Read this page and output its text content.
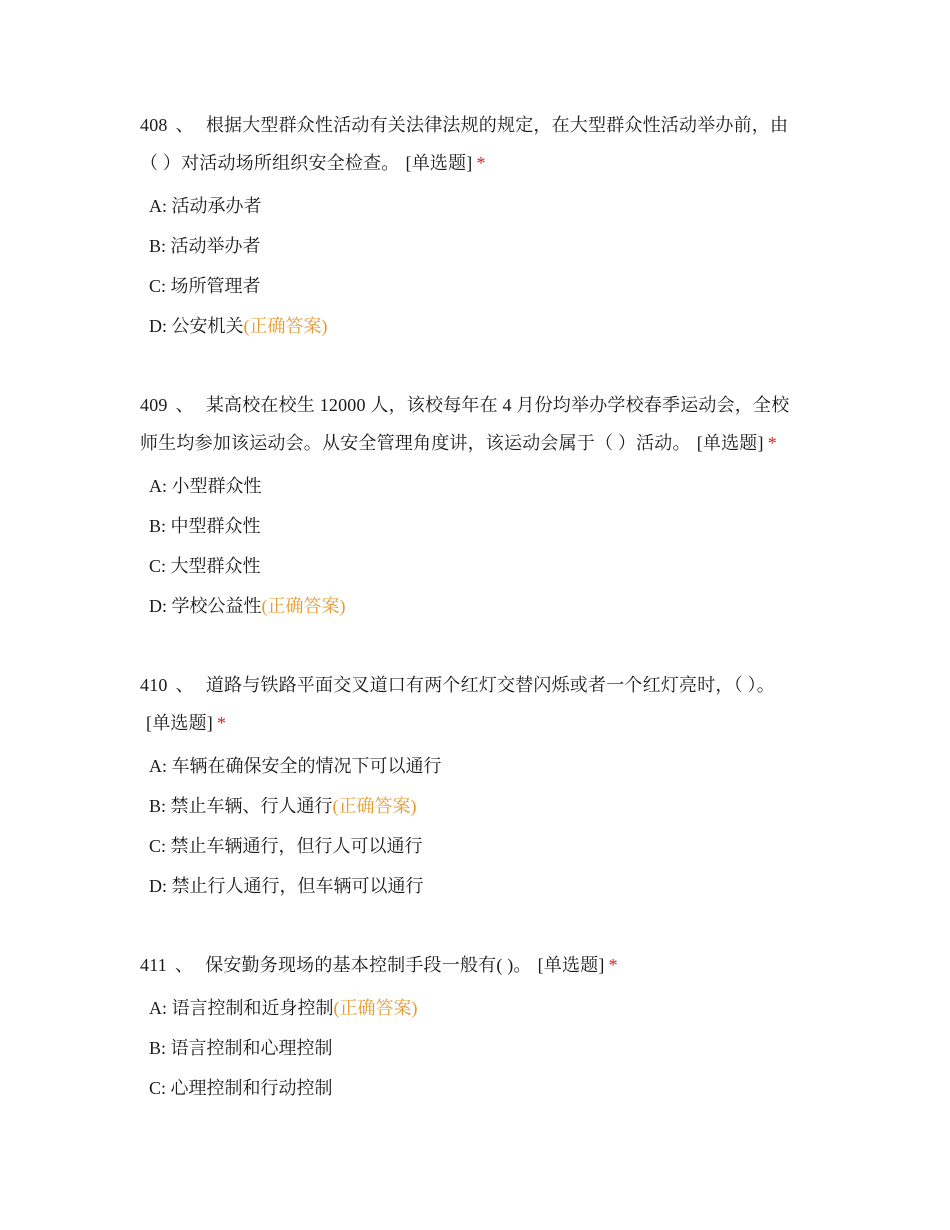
408 、 根据大型群众性活动有关法律法规的规定，在大型群众性活动举办前，由（ ）对活动场所组织安全检查。 [单选题] *

A: 活动承办者
B: 活动举办者
C: 场所管理者
D: 公安机关(正确答案)

409 、 某高校在校生 12000 人，该校每年在 4 月份均举办学校春季运动会，全校师生均参加该运动会。从安全管理角度讲，该运动会属于（ ）活动。 [单选题] *

A: 小型群众性
B: 中型群众性
C: 大型群众性
D: 学校公益性(正确答案)

410 、 道路与铁路平面交叉道口有两个红灯交替闪烁或者一个红灯亮时，（ ）。[单选题] *

A: 车辆在确保安全的情况下可以通行
B: 禁止车辆、行人通行(正确答案)
C: 禁止车辆通行，但行人可以通行
D: 禁止行人通行，但车辆可以通行

411 、 保安勤务现场的基本控制手段一般有( )。 [单选题] *

A: 语言控制和近身控制(正确答案)
B: 语言控制和心理控制
C: 心理控制和行动控制
